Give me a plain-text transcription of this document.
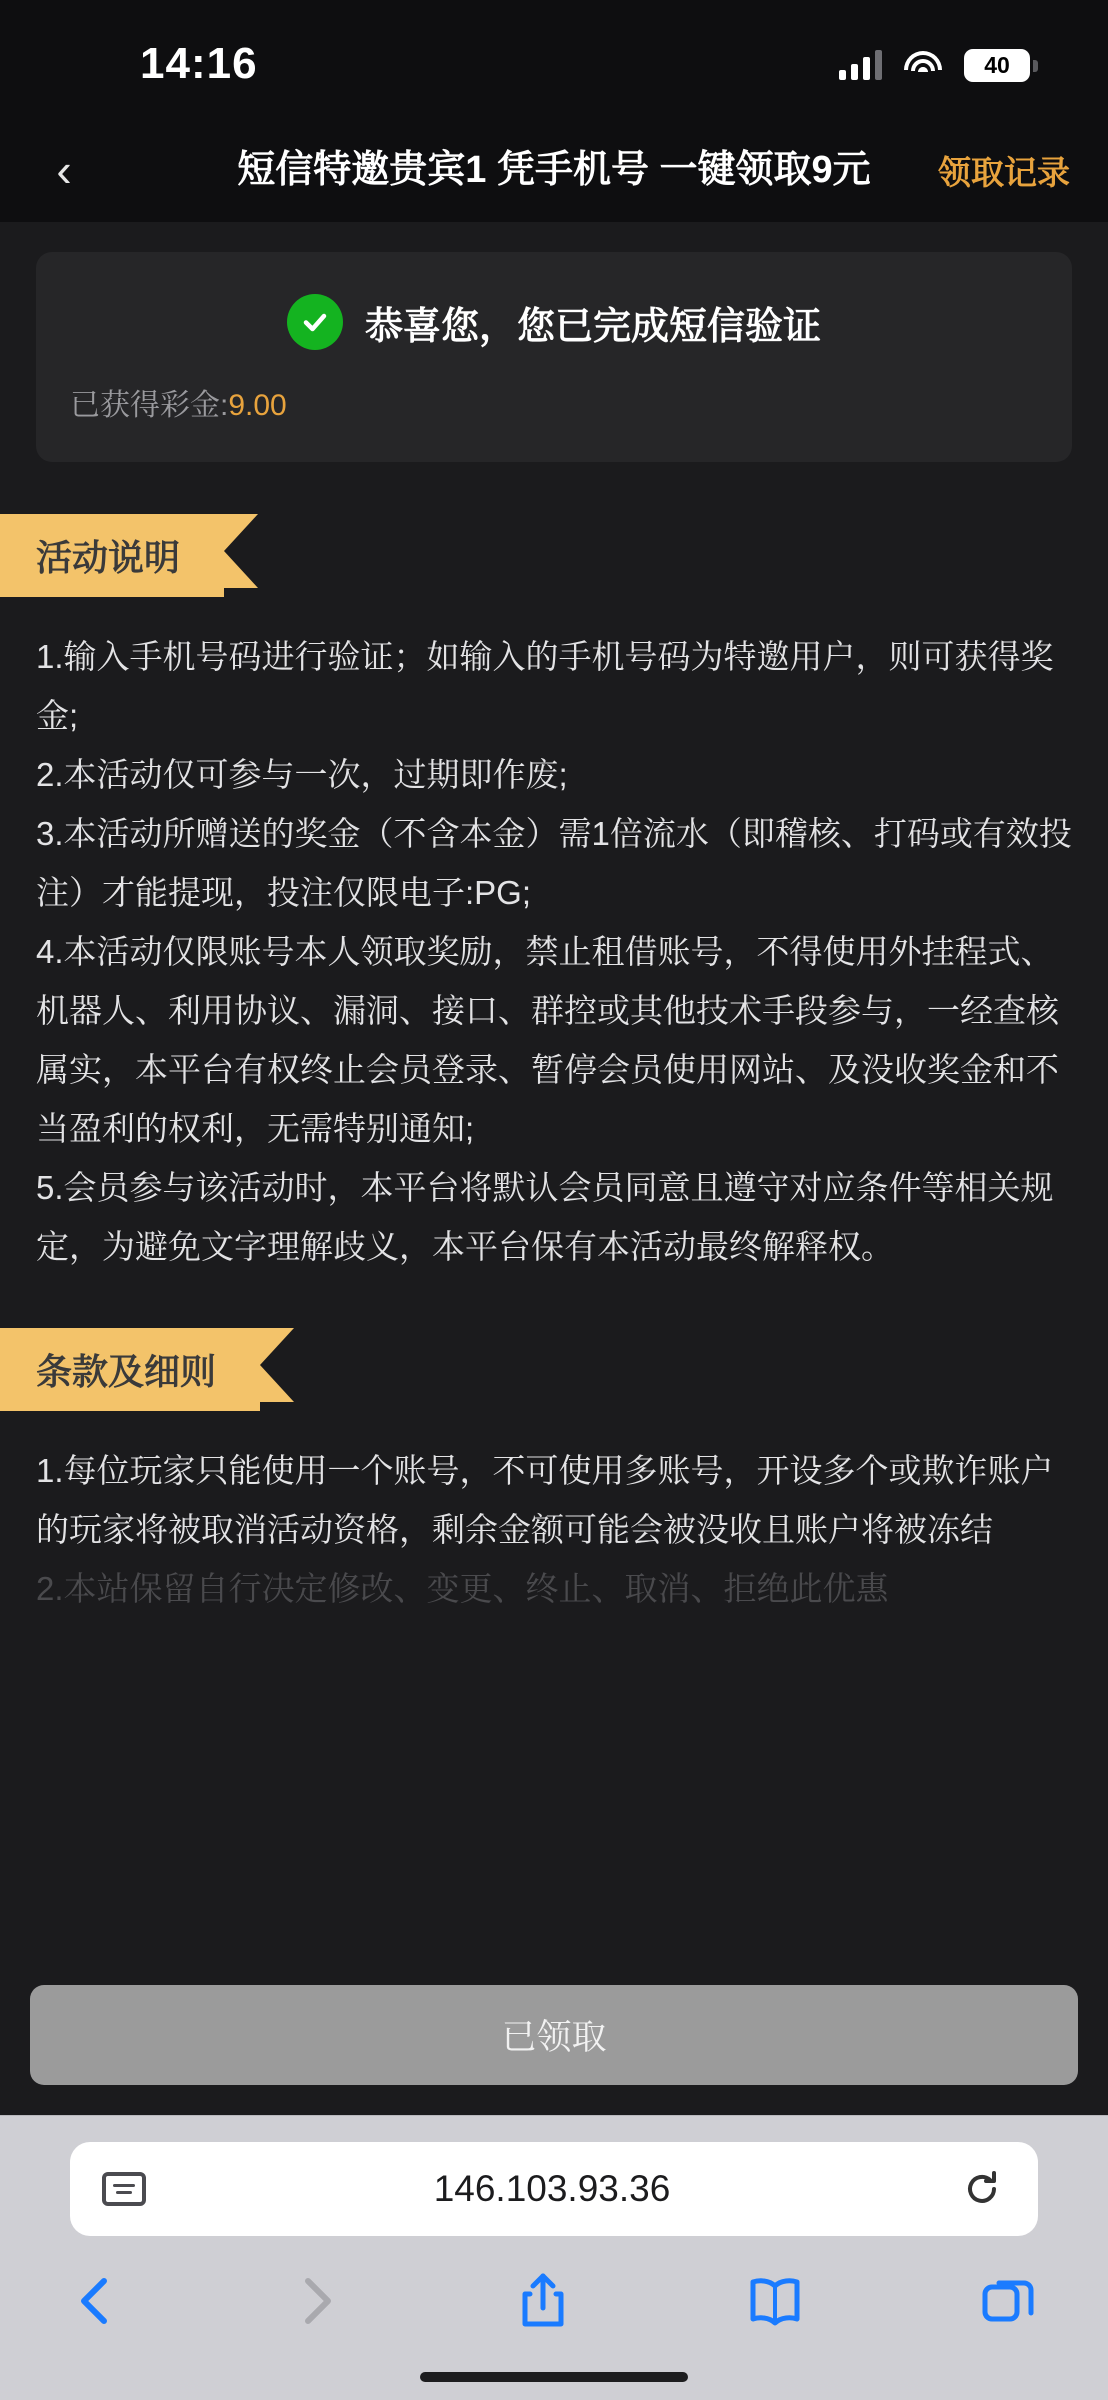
14:16	40
‹	短信特邀贵宾1 凭手机号 一键领取9元	领取记录
恭喜您，您已完成短信验证
已获得彩金:9.00
活动说明

1.输入手机号码进行验证；如输入的手机号码为特邀用户，则可获得奖金;

2.本活动仅可参与一次，过期即作废;

3.本活动所赠送的奖金（不含本金）需1倍流水（即稽核、打码或有效投注）才能提现，投注仅限电子:PG;

4.本活动仅限账号本人领取奖励，禁止租借账号，不得使用外挂程式、机器人、利用协议、漏洞、接口、群控或其他技术手段参与，一经查核属实，本平台有权终止会员登录、暂停会员使用网站、及没收奖金和不当盈利的权利，无需特别通知;

5.会员参与该活动时，本平台将默认会员同意且遵守对应条件等相关规定，为避免文字理解歧义，本平台保有本活动最终解释权。

条款及细则

1.每位玩家只能使用一个账号，不可使用多账号，开设多个或欺诈账户的玩家将被取消活动资格，剩余金额可能会被没收且账户将被冻结

2.本站保留自行决定修改、变更、终止、取消、拒绝此优惠

已领取
146.103.93.36
